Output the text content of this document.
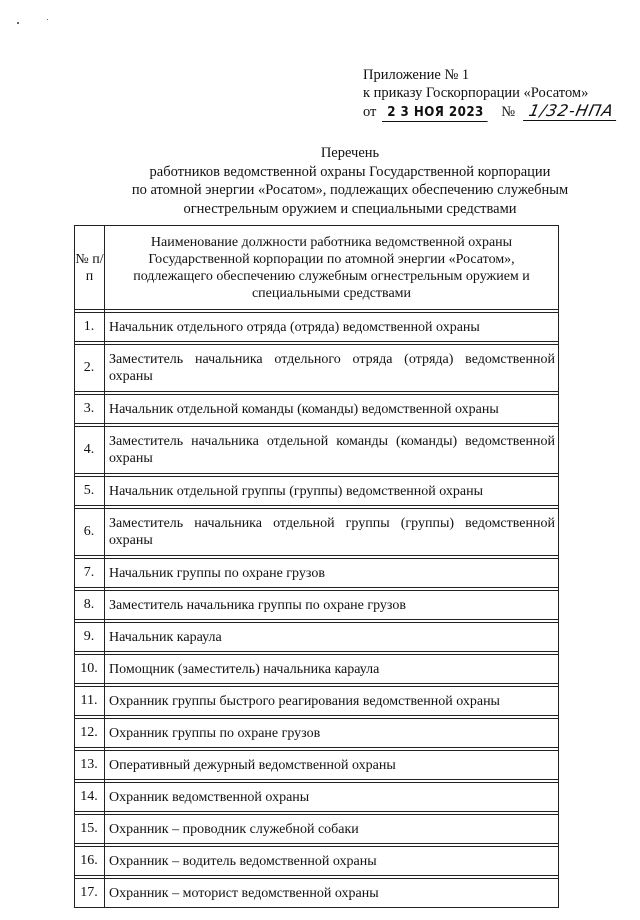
Приложение № 1
к приказу Госкорпорации «Росатом»
от 2 3 НОЯ 2023 № 1/32-НПА
Перечень
работников ведомственной охраны Государственной корпорации
по атомной энергии «Росатом», подлежащих обеспечению служебным
огнестрельным оружием и специальными средствами
№ п/п	Наименование должности работника ведомственной охраны Государственной корпорации по атомной энергии «Росатом», подлежащего обеспечению служебным огнестрельным оружием и специальными средствами

1.	Начальник отдельного отряда (отряда) ведомственной охраны

2.	Заместитель начальника отдельного отряда (отряда) ведомственной охраны

3.	Начальник отдельной команды (команды) ведомственной охраны

4.	Заместитель начальника отдельной команды (команды) ведомственной охраны

5.	Начальник отдельной группы (группы) ведомственной охраны

6.	Заместитель начальника отдельной группы (группы) ведомственной охраны

7.	Начальник группы по охране грузов

8.	Заместитель начальника группы по охране грузов

9.	Начальник караула

10.	Помощник (заместитель) начальника караула

11.	Охранник группы быстрого реагирования ведомственной охраны

12.	Охранник группы по охране грузов

13.	Оперативный дежурный ведомственной охраны

14.	Охранник ведомственной охраны

15.	Охранник – проводник служебной собаки

16.	Охранник – водитель ведомственной охраны

17.	Охранник – моторист ведомственной охраны
